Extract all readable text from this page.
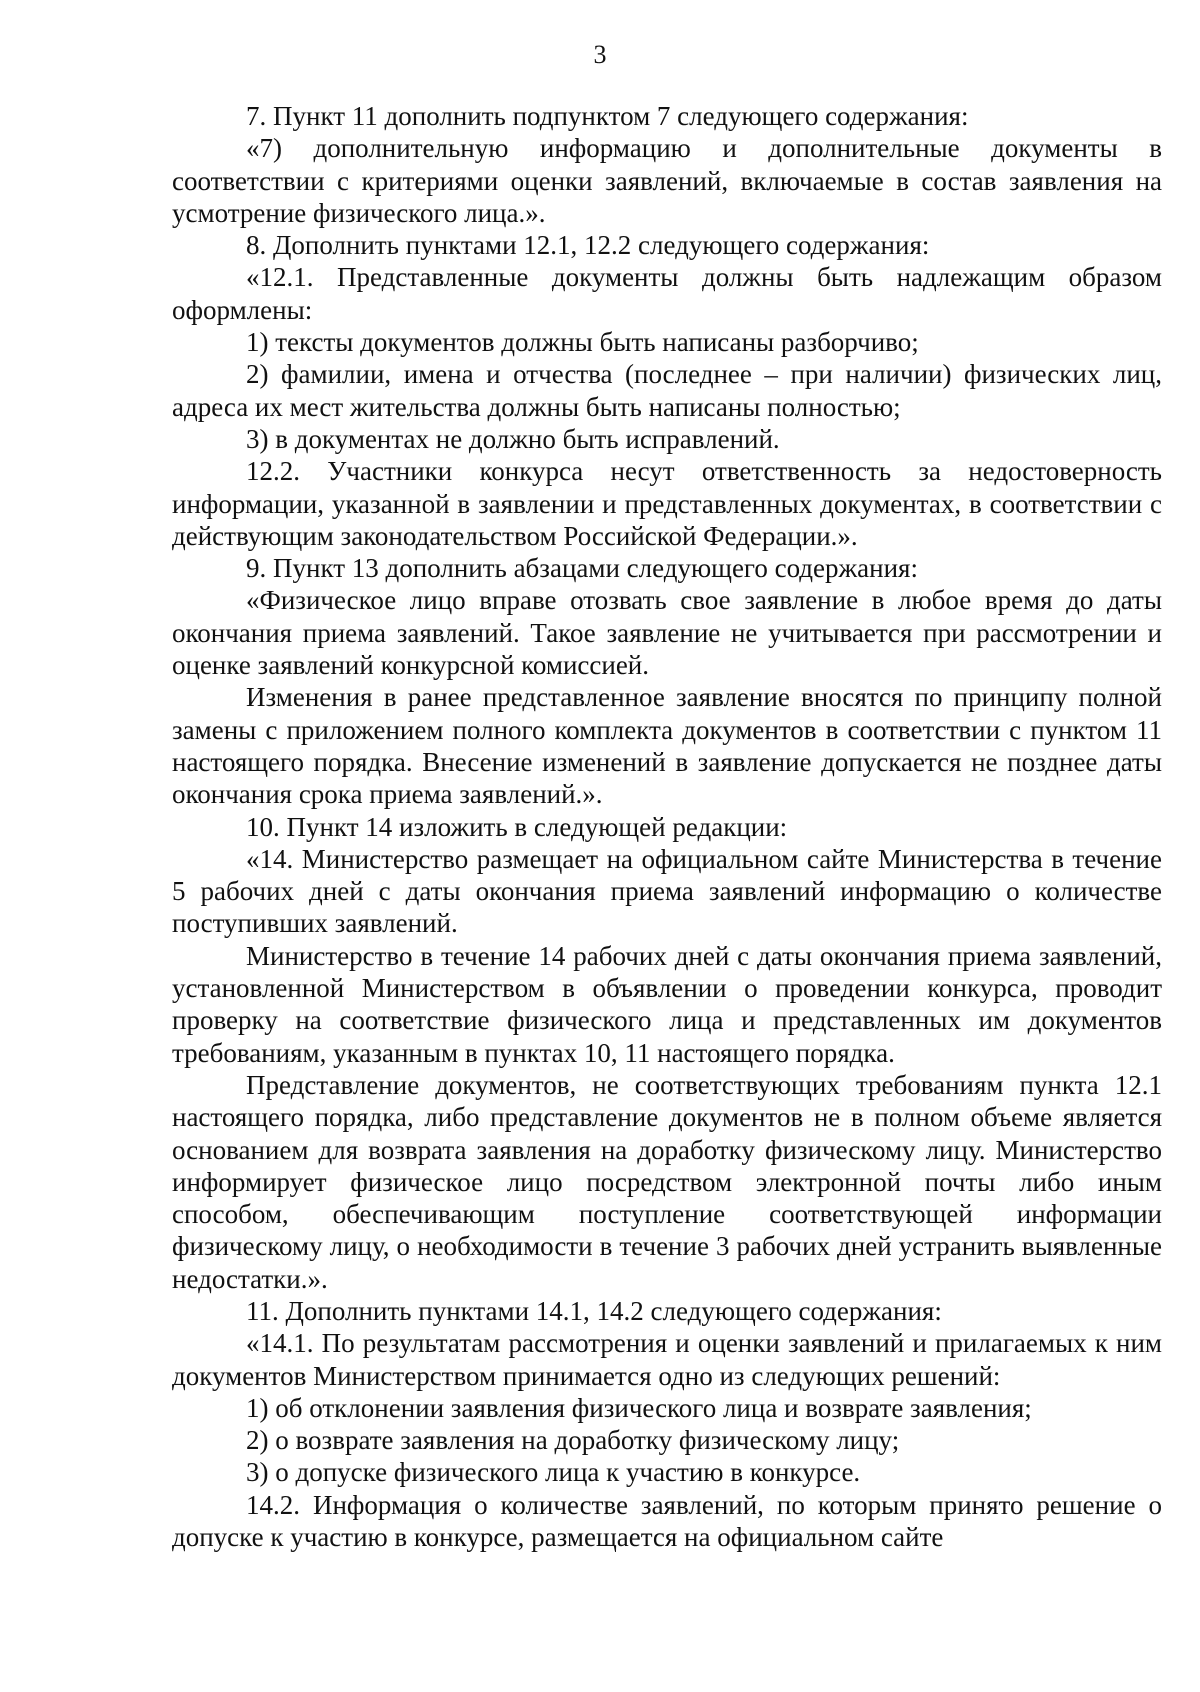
3

7. Пункт 11 дополнить подпунктом 7 следующего содержания:

«7) дополнительную информацию и дополнительные документы в соответствии с критериями оценки заявлений, включаемые в состав заявления на усмотрение физического лица.».

8. Дополнить пунктами 12.1, 12.2 следующего содержания:

«12.1. Представленные документы должны быть надлежащим образом оформлены:

1) тексты документов должны быть написаны разборчиво;

2) фамилии, имена и отчества (последнее – при наличии) физических лиц, адреса их мест жительства должны быть написаны полностью;

3) в документах не должно быть исправлений.

12.2. Участники конкурса несут ответственность за недостоверность информации, указанной в заявлении и представленных документах, в соответствии с действующим законодательством Российской Федерации.».

9. Пункт 13 дополнить абзацами следующего содержания:

«Физическое лицо вправе отозвать свое заявление в любое время до даты окончания приема заявлений. Такое заявление не учитывается при рассмотрении и оценке заявлений конкурсной комиссией.

Изменения в ранее представленное заявление вносятся по принципу полной замены с приложением полного комплекта документов в соответствии с пунктом 11 настоящего порядка. Внесение изменений в заявление допускается не позднее даты окончания срока приема заявлений.».

10. Пункт 14 изложить в следующей редакции:

«14. Министерство размещает на официальном сайте Министерства в течение 5 рабочих дней с даты окончания приема заявлений информацию о количестве поступивших заявлений.

Министерство в течение 14 рабочих дней с даты окончания приема заявлений, установленной Министерством в объявлении о проведении конкурса, проводит проверку на соответствие физического лица и представленных им документов требованиям, указанным в пунктах 10, 11 настоящего порядка.

Представление документов, не соответствующих требованиям пункта 12.1 настоящего порядка, либо представление документов не в полном объеме является основанием для возврата заявления на доработку физическому лицу. Министерство информирует физическое лицо посредством электронной почты либо иным способом, обеспечивающим поступление соответствующей информации физическому лицу, о необходимости в течение 3 рабочих дней устранить выявленные недостатки.».

11. Дополнить пунктами 14.1, 14.2 следующего содержания:

«14.1. По результатам рассмотрения и оценки заявлений и прилагаемых к ним документов Министерством принимается одно из следующих решений:

1) об отклонении заявления физического лица и возврате заявления;

2) о возврате заявления на доработку физическому лицу;

3) о допуске физического лица к участию в конкурсе.

14.2. Информация о количестве заявлений, по которым принято решение о допуске к участию в конкурсе, размещается на официальном сайте
